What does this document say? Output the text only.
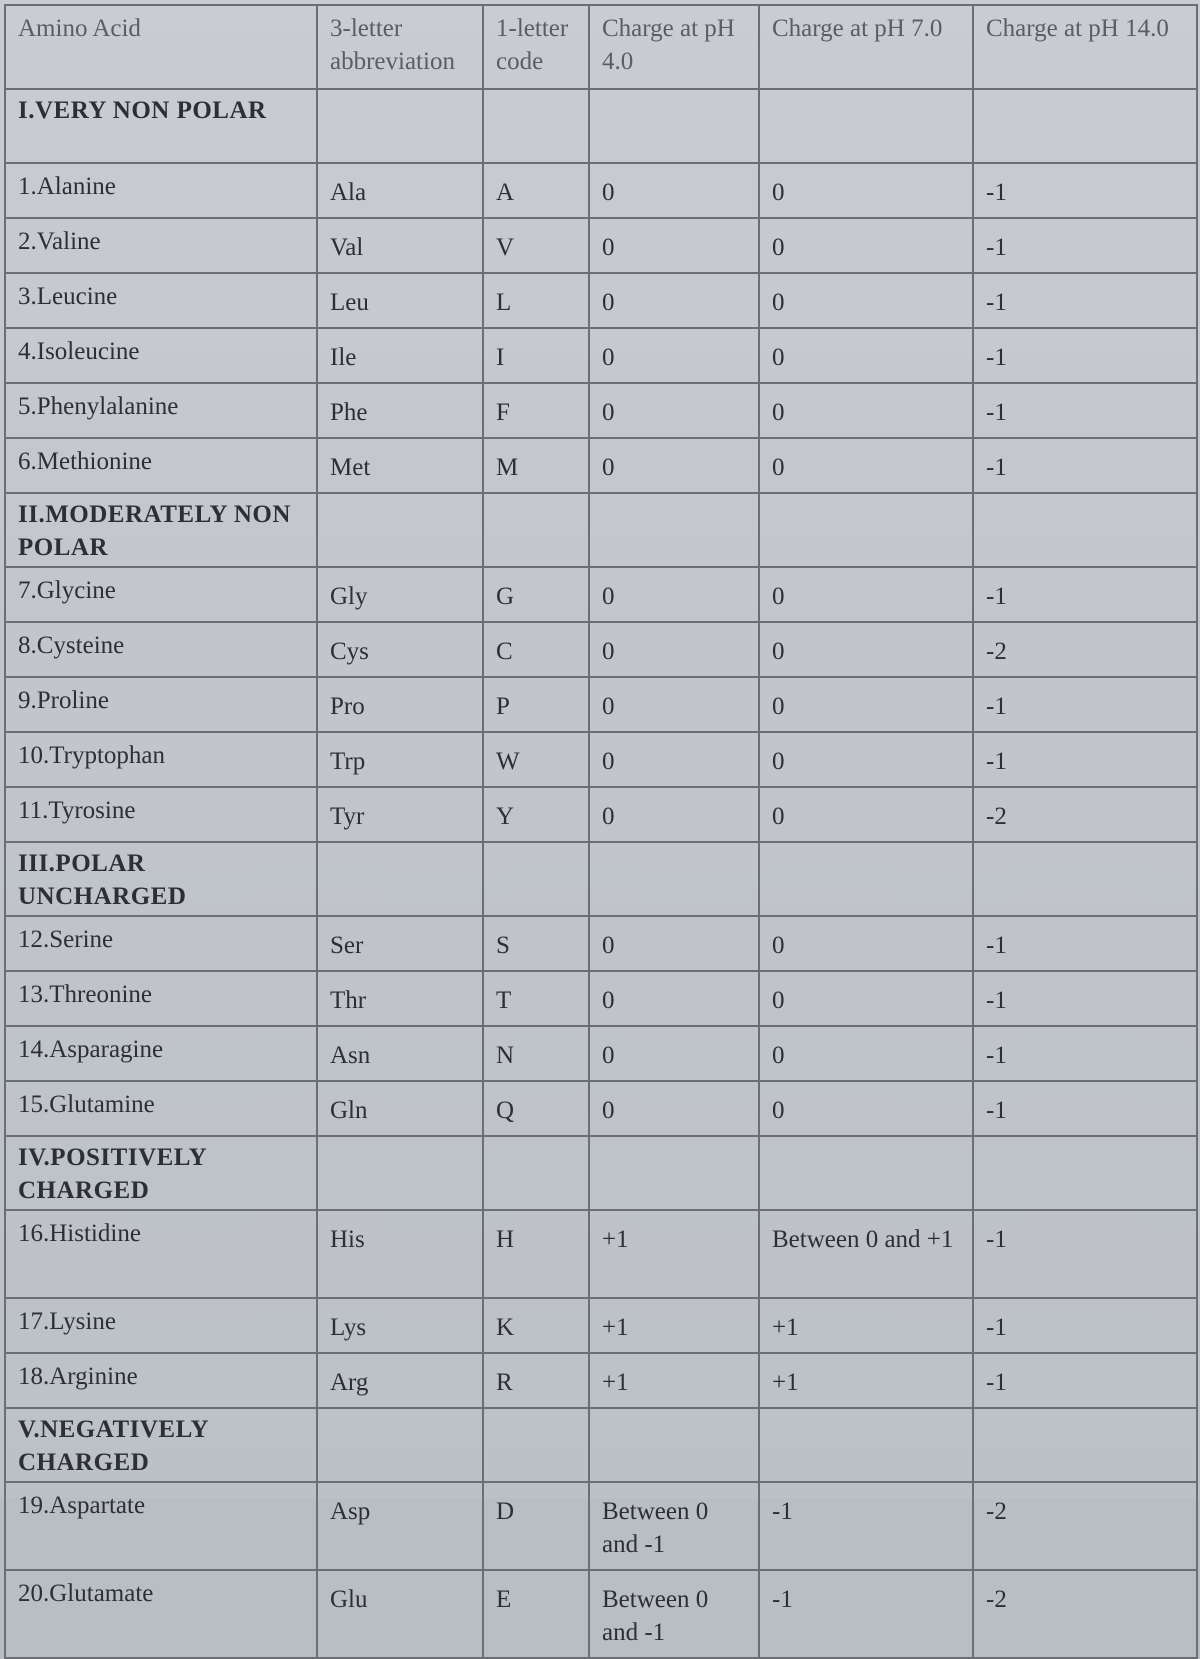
Amino Acid	3-letter abbreviation	1-letter code	Charge at pH 4.0	Charge at pH 7.0	Charge at pH 14.0
I.VERY NON POLAR					
1.Alanine	Ala	A	0	0	-1
2.Valine	Val	V	0	0	-1
3.Leucine	Leu	L	0	0	-1
4.Isoleucine	Ile	I	0	0	-1
5.Phenylalanine	Phe	F	0	0	-1
6.Methionine	Met	M	0	0	-1
II.MODERATELY NON POLAR					
7.Glycine	Gly	G	0	0	-1
8.Cysteine	Cys	C	0	0	-2
9.Proline	Pro	P	0	0	-1
10.Tryptophan	Trp	W	0	0	-1
11.Tyrosine	Tyr	Y	0	0	-2
III.POLAR UNCHARGED					
12.Serine	Ser	S	0	0	-1
13.Threonine	Thr	T	0	0	-1
14.Asparagine	Asn	N	0	0	-1
15.Glutamine	Gln	Q	0	0	-1
IV.POSITIVELY CHARGED					
16.Histidine	His	H	+1	Between 0 and +1	-1
17.Lysine	Lys	K	+1	+1	-1
18.Arginine	Arg	R	+1	+1	-1
V.NEGATIVELY CHARGED					
19.Aspartate	Asp	D	Between 0 and -1	-1	-2
20.Glutamate	Glu	E	Between 0 and -1	-1	-2
